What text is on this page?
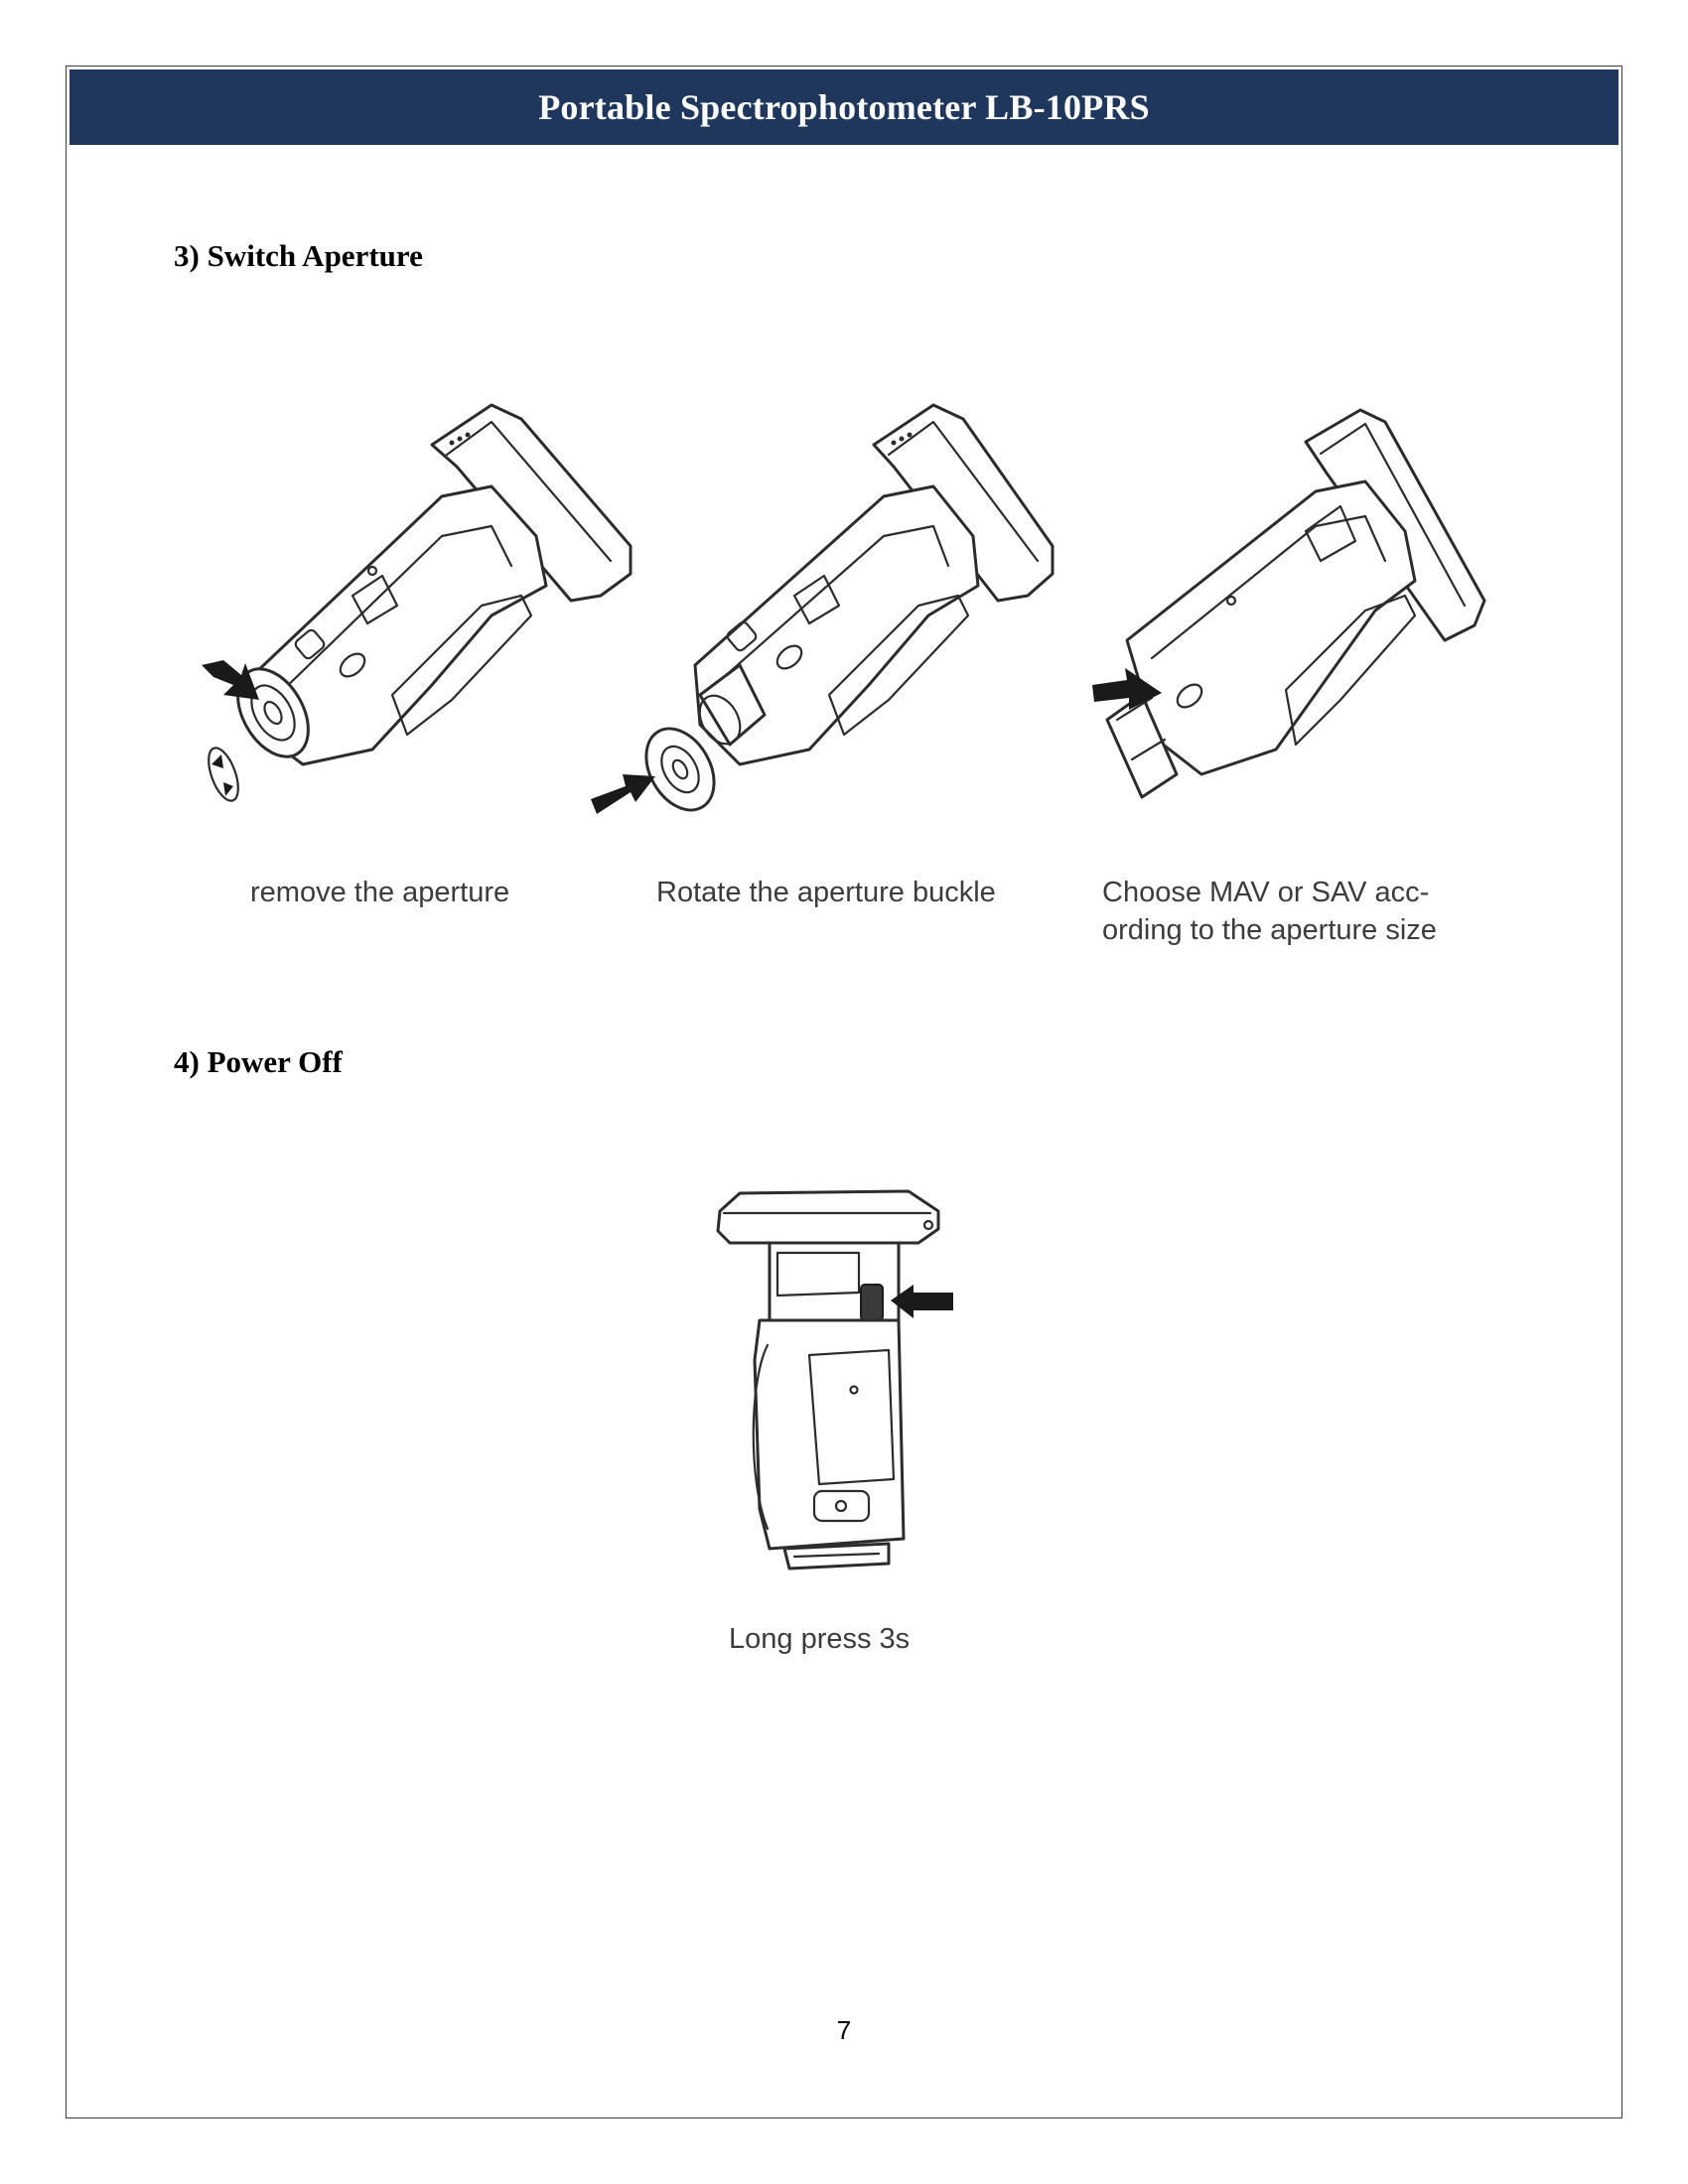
Portable Spectrophotometer LB-10PRS
3) Switch Aperture
remove the aperture	Rotate the aperture buckle	Choose MAV or SAV acc-
ording to the aperture size
4) Power Off
Long press 3s
7
